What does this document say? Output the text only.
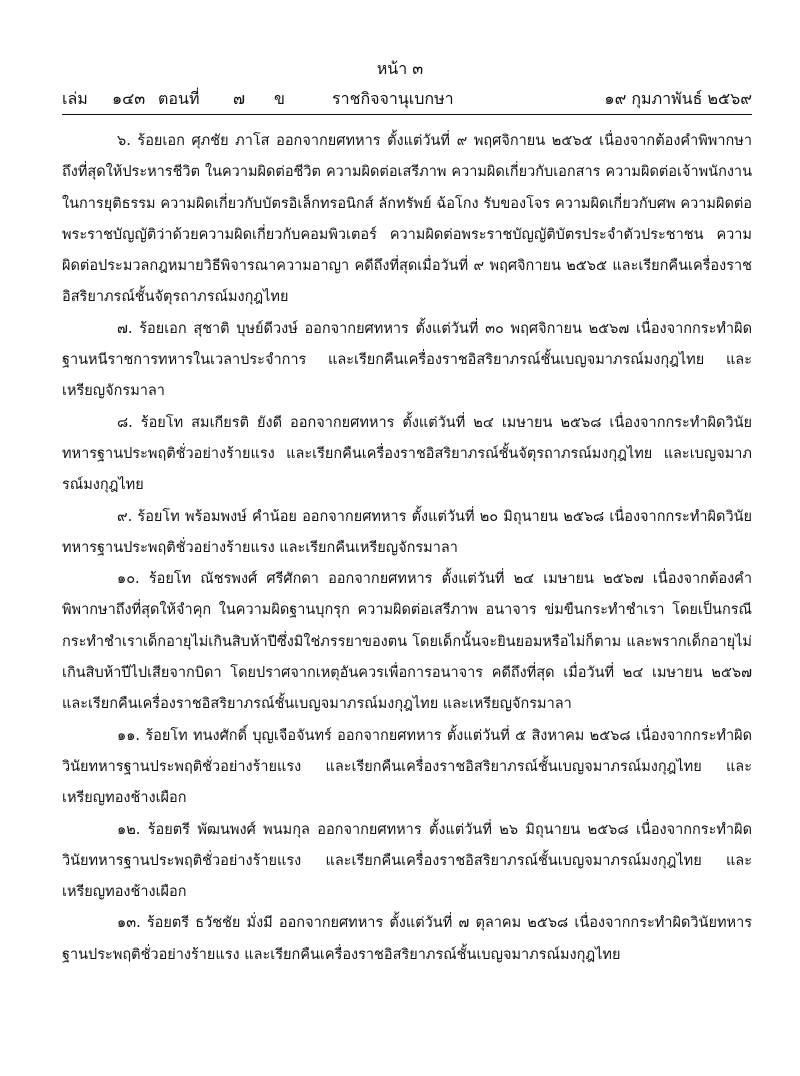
หน้า ๓
เล่ม ๑๔๓ ตอนที่ ๗ ข	ราชกิจจานุเบกษา	๑๙ กุมภาพันธ์ ๒๕๖๙

๖. ร้อยเอก ศุภชัย ภาโส ออกจากยศทหาร ตั้งแต่วันที่ ๙ พฤศจิกายน ๒๕๖๕ เนื่องจากต้องคำพิพากษาถึงที่สุดให้ประหารชีวิต ในความผิดต่อชีวิต ความผิดต่อเสรีภาพ ความผิดเกี่ยวกับเอกสาร ความผิดต่อเจ้าพนักงานในการยุติธรรม ความผิดเกี่ยวกับบัตรอิเล็กทรอนิกส์ ลักทรัพย์ ฉ้อโกง รับของโจร ความผิดเกี่ยวกับศพ ความผิดต่อพระราชบัญญัติว่าด้วยความผิดเกี่ยวกับคอมพิวเตอร์ ความผิดต่อพระราชบัญญัติบัตรประจำตัวประชาชน ความผิดต่อประมวลกฎหมายวิธีพิจารณาความอาญา คดีถึงที่สุดเมื่อวันที่ ๙ พฤศจิกายน ๒๕๖๕ และเรียกคืนเครื่องราชอิสริยาภรณ์ชั้นจัตุรถาภรณ์มงกุฎไทย

๗. ร้อยเอก สุชาติ บุษย์ดีวงษ์ ออกจากยศทหาร ตั้งแต่วันที่ ๓๐ พฤศจิกายน ๒๕๖๗ เนื่องจากกระทำผิดฐานหนีราชการทหารในเวลาประจำการ และเรียกคืนเครื่องราชอิสริยาภรณ์ชั้นเบญจมาภรณ์มงกุฎไทย และเหรียญจักรมาลา

๘. ร้อยโท สมเกียรติ ยังดี ออกจากยศทหาร ตั้งแต่วันที่ ๒๔ เมษายน ๒๕๖๘ เนื่องจากกระทำผิดวินัยทหารฐานประพฤติชั่วอย่างร้ายแรง และเรียกคืนเครื่องราชอิสริยาภรณ์ชั้นจัตุรถาภรณ์มงกุฎไทย และเบญจมาภรณ์มงกุฎไทย

๙. ร้อยโท พร้อมพงษ์ คำน้อย ออกจากยศทหาร ตั้งแต่วันที่ ๒๐ มิถุนายน ๒๕๖๘ เนื่องจากกระทำผิดวินัยทหารฐานประพฤติชั่วอย่างร้ายแรง และเรียกคืนเหรียญจักรมาลา

๑๐. ร้อยโท ณัชรพงศ์ ศรีศักดา ออกจากยศทหาร ตั้งแต่วันที่ ๒๔ เมษายน ๒๕๖๗ เนื่องจากต้องคำพิพากษาถึงที่สุดให้จำคุก ในความผิดฐานบุกรุก ความผิดต่อเสรีภาพ อนาจาร ข่มขืนกระทำชำเรา โดยเป็นกรณีกระทำชำเราเด็กอายุไม่เกินสิบห้าปีซึ่งมิใช่ภรรยาของตน โดยเด็กนั้นจะยินยอมหรือไม่ก็ตาม และพรากเด็กอายุไม่เกินสิบห้าปีไปเสียจากบิดา โดยปราศจากเหตุอันควรเพื่อการอนาจาร คดีถึงที่สุด เมื่อวันที่ ๒๔ เมษายน ๒๕๖๗ และเรียกคืนเครื่องราชอิสริยาภรณ์ชั้นเบญจมาภรณ์มงกุฎไทย และเหรียญจักรมาลา

๑๑. ร้อยโท ทนงศักดิ์ บุญเจือจันทร์ ออกจากยศทหาร ตั้งแต่วันที่ ๕ สิงหาคม ๒๕๖๘ เนื่องจากกระทำผิดวินัยทหารฐานประพฤติชั่วอย่างร้ายแรง และเรียกคืนเครื่องราชอิสริยาภรณ์ชั้นเบญจมาภรณ์มงกุฎไทย และเหรียญทองช้างเผือก

๑๒. ร้อยตรี พัฒนพงศ์ พนมกุล ออกจากยศทหาร ตั้งแต่วันที่ ๒๖ มิถุนายน ๒๕๖๘ เนื่องจากกระทำผิดวินัยทหารฐานประพฤติชั่วอย่างร้ายแรง และเรียกคืนเครื่องราชอิสริยาภรณ์ชั้นเบญจมาภรณ์มงกุฎไทย และเหรียญทองช้างเผือก

๑๓. ร้อยตรี ธวัชชัย มั่งมี ออกจากยศทหาร ตั้งแต่วันที่ ๗ ตุลาคม ๒๕๖๘ เนื่องจากกระทำผิดวินัยทหารฐานประพฤติชั่วอย่างร้ายแรง และเรียกคืนเครื่องราชอิสริยาภรณ์ชั้นเบญจมาภรณ์มงกุฎไทย
